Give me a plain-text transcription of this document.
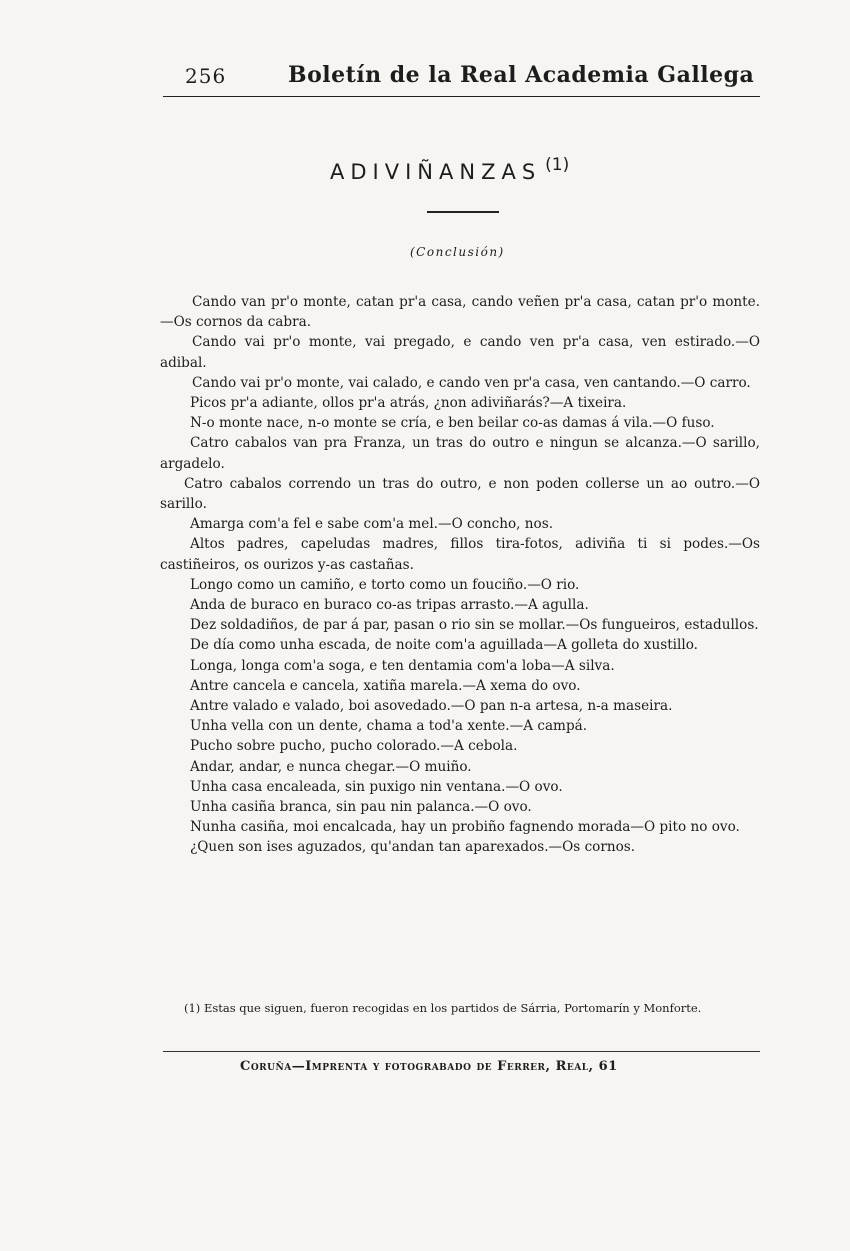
256	Boletín de la Real Academia Gallega
ADIVIÑANZAS $^{(1)}$
(Conclusión)

Cando van pr'o monte, catan pr'a casa, cando veñen pr'a casa, catan pr'o monte.—Os cornos da cabra.

Cando vai pr'o monte, vai pregado, e cando ven pr'a casa, ven estirado.—O adibal.

Cando vai pr'o monte, vai calado, e cando ven pr'a casa, ven cantando.—O carro.

Picos pr'a adiante, ollos pr'a atrás, ¿non adiviñarás?—A tixeira.

N-o monte nace, n-o monte se cría, e ben beilar co-as damas á vila.—O fuso.

Catro cabalos van pra Franza, un tras do outro e ningun se alcanza.—O sarillo, argadelo.

Catro cabalos correndo un tras do outro, e non poden collerse un ao outro.—O sarillo.

Amarga com'a fel e sabe com'a mel.—O concho, nos.

Altos padres, capeludas madres, fillos tira-fotos, adiviña ti si podes.—Os castiñeiros, os ourizos y-as castañas.

Longo como un camiño, e torto como un fouciño.—O rio.

Anda de buraco en buraco co-as tripas arrasto.—A agulla.

Dez soldadiños, de par á par, pasan o rio sin se mollar.—Os fungueiros, estadullos.

De día como unha escada, de noite com'a aguillada—A golleta do xustillo.

Longa, longa com'a soga, e ten dentamia com'a loba—A silva.

Antre cancela e cancela, xatiña marela.—A xema do ovo.

Antre valado e valado, boi asovedado.—O pan n-a artesa, n-a maseira.

Unha vella con un dente, chama a tod'a xente.—A campá.

Pucho sobre pucho, pucho colorado.—A cebola.

Andar, andar, e nunca chegar.—O muiño.

Unha casa encaleada, sin puxigo nin ventana.—O ovo.

Unha casiña branca, sin pau nin palanca.—O ovo.

Nunha casiña, moi encalcada, hay un probiño fagnendo morada—O pito no ovo.

¿Quen son ises aguzados, qu'andan tan aparexados.—Os cornos.

(1) Estas que siguen, fueron recogidas en los partidos de Sárria, Portomarín y Monforte.
Coruña—Imprenta y fotograbado de Ferrer, Real, 61
